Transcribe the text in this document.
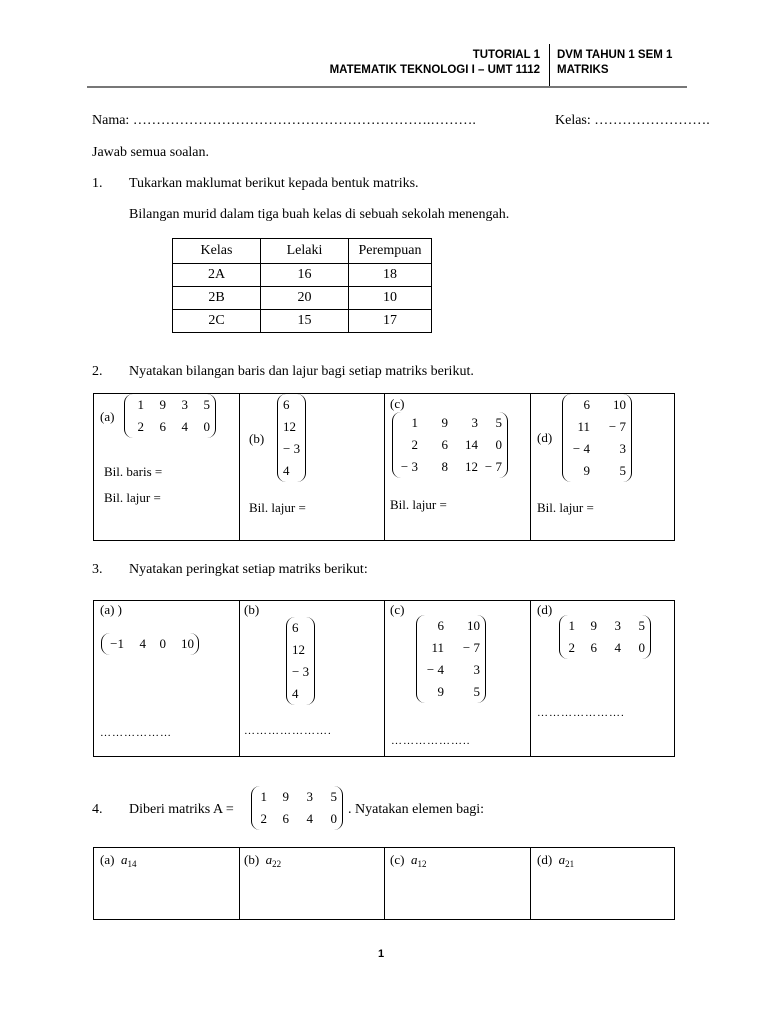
TUTORIAL 1
MATEMATIK TEKNOLOGI I – UMT 1112
DVM TAHUN 1 SEM 1
MATRIKS
Nama: ……………………………………………………….……….	Kelas: …………………….
Jawab semua soalan.
1. Tukarkan maklumat berikut kepada bentuk matriks.
Bilangan murid dalam tiga buah kelas di sebuah sekolah menengah.
Kelas	Lelaki	Perempuan
2A	16	18
2B	20	10
2C	15	17
2. Nyatakan bilangan baris dan lajur bagi setiap matriks berikut.
(a)
1	9	3	5
2	6	4	0
Bil. baris =
Bil. lajur =
(b)
6
12
− 3
4
Bil. lajur =
(c)
1	9	3	5
2	6	14	0
− 3	8	12 − 7
Bil. lajur =
(d)
6	10
11	− 7
− 4	3
9	5
Bil. lajur =
3. Nyatakan peringkat setiap matriks berikut:
(a) )
−1	4	0	10
………………
(b)
6
12
− 3
4
………………….
(c)
6	10
11	− 7
− 4	3
9	5
………………..
(d)
1	9	3	5
2	6	4	0
………………….
4. Diberi matriks A =
1	9	3	5
2	6	4	0
. Nyatakan elemen bagi:
(a) $a_{14}$	(b) $a_{22}$	(c) $a_{12}$	(d) $a_{21}$
1
